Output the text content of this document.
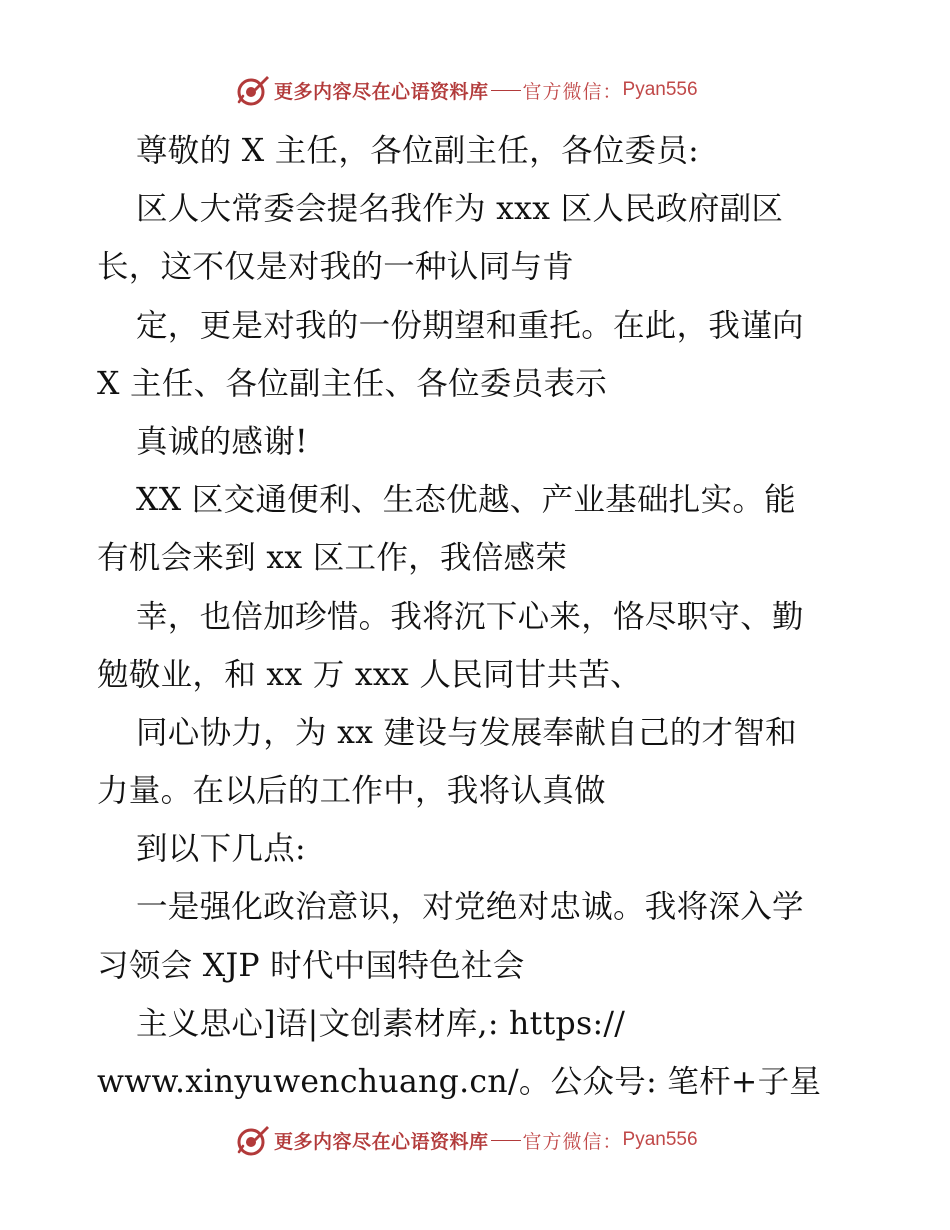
更多内容尽在心语资料库 官方微信： Pyan556
尊敬的 X 主任，各位副主任，各位委员:
区人大常委会提名我作为 xxx 区人民政府副区
长，这不仅是对我的一种认同与肯
定，更是对我的一份期望和重托。在此，我谨向
X 主任、各位副主任、各位委员表示
真诚的感谢!
XX 区交通便利、生态优越、产业基础扎实。能
有机会来到 xx 区工作，我倍感荣
幸，也倍加珍惜。我将沉下心来，恪尽职守、勤
勉敬业，和 xx 万 xxx 人民同甘共苦、
同心协力，为 xx 建设与发展奉献自己的才智和
力量。在以后的工作中，我将认真做
到以下几点:
一是强化政治意识，对党绝对忠诚。我将深入学
习领会 XJP 时代中国特色社会
主义思心]语|文创素材库,: https://
www.xinyuwenchuang.cn/。公众号: 笔杆+子星
更多内容尽在心语资料库 官方微信： Pyan556
